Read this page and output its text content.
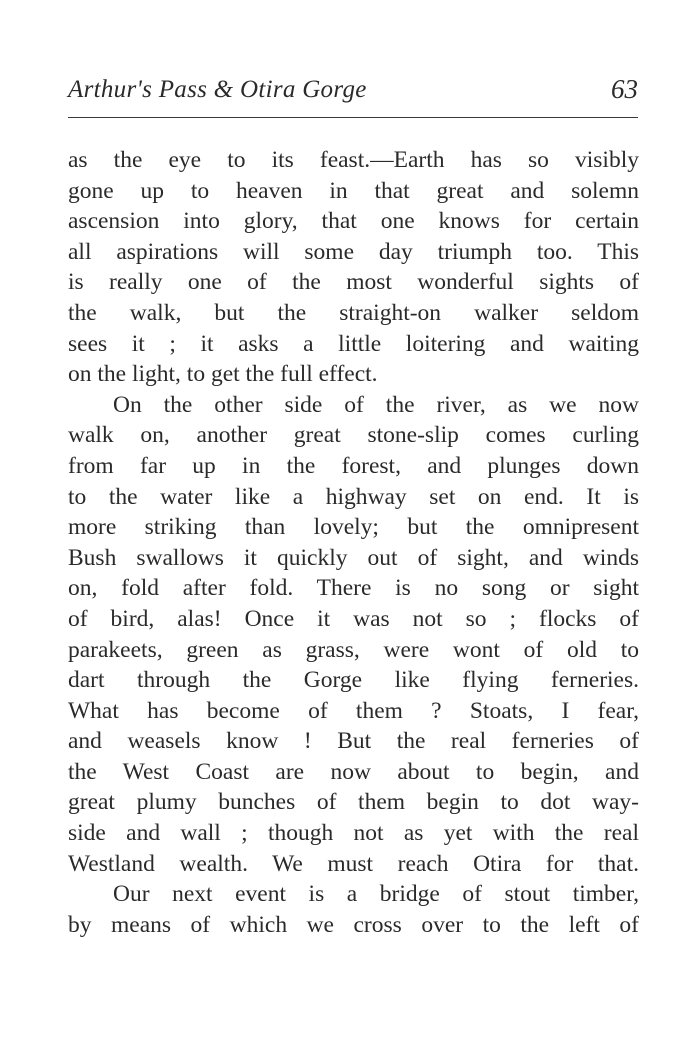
Arthur's Pass & Otira Gorge	63
as the eye to its feast.—Earth has so visibly
gone up to heaven in that great and solemn
ascension into glory, that one knows for certain
all aspirations will some day triumph too. This
is really one of the most wonderful sights of
the walk, but the straight-on walker seldom
sees it ; it asks a little loitering and waiting
on the light, to get the full effect.
On the other side of the river, as we now
walk on, another great stone-slip comes curling
from far up in the forest, and plunges down
to the water like a highway set on end. It is
more striking than lovely; but the omnipresent
Bush swallows it quickly out of sight, and winds
on, fold after fold. There is no song or sight
of bird, alas! Once it was not so ; flocks of
parakeets, green as grass, were wont of old to
dart through the Gorge like flying ferneries.
What has become of them ? Stoats, I fear,
and weasels know ! But the real ferneries of
the West Coast are now about to begin, and
great plumy bunches of them begin to dot way-
side and wall ; though not as yet with the real
Westland wealth. We must reach Otira for that.
Our next event is a bridge of stout timber,
by means of which we cross over to the left of
